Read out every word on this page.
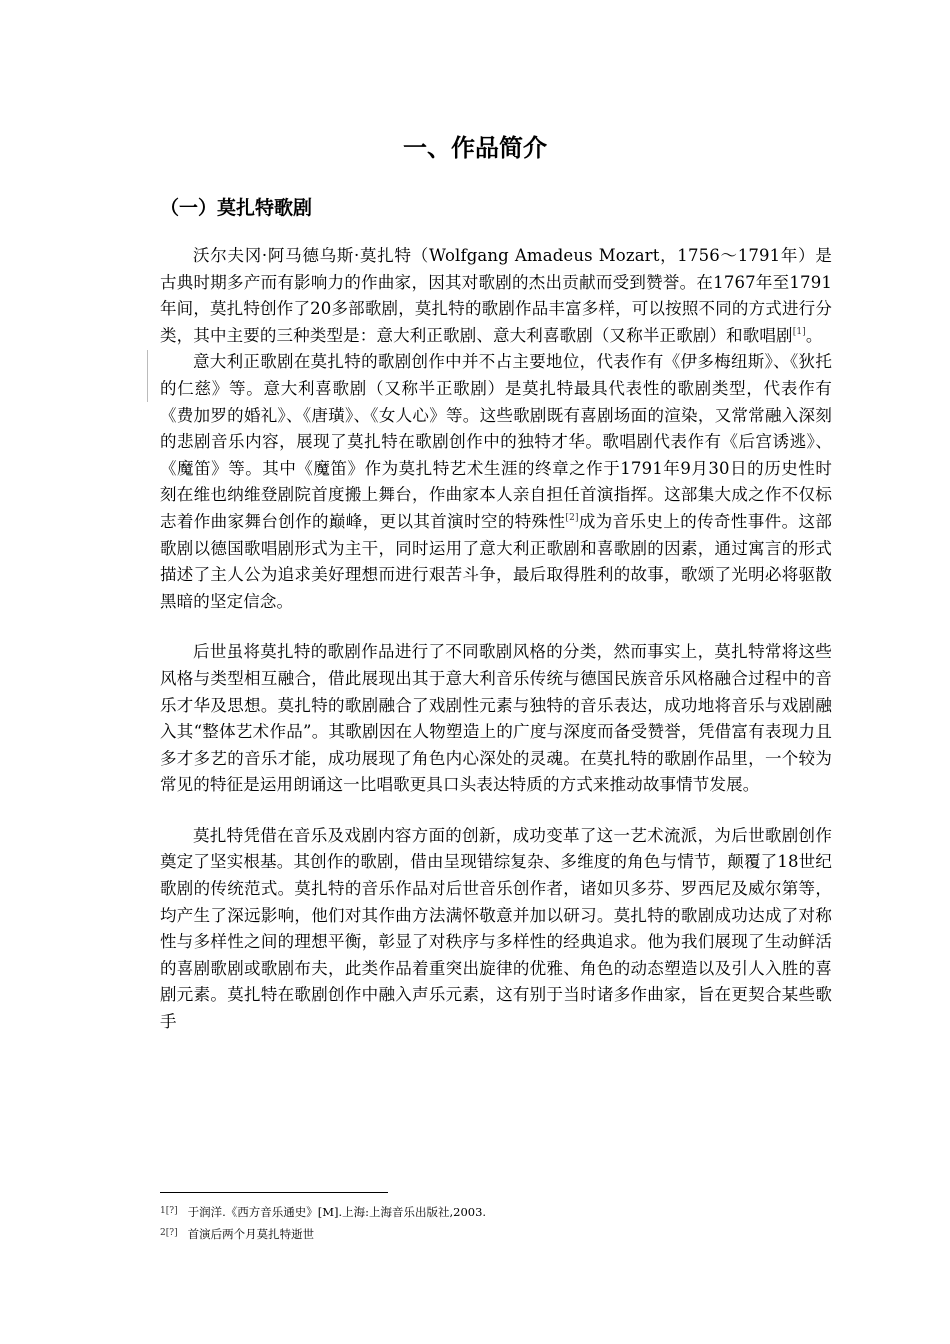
一、作品简介
（一）莫扎特歌剧

沃尔夫冈·阿马德乌斯·莫扎特（Wolfgang Amadeus Mozart，1756～1791年）是古典时期多产而有影响力的作曲家，因其对歌剧的杰出贡献而受到赞誉。在1767年至1791年间，莫扎特创作了20多部歌剧，莫扎特的歌剧作品丰富多样，可以按照不同的方式进行分类，其中主要的三种类型是：意大利正歌剧、意大利喜歌剧（又称半正歌剧）和歌唱剧[1]。

意大利正歌剧在莫扎特的歌剧创作中并不占主要地位，代表作有《伊多梅纽斯》、《狄托的仁慈》等。意大利喜歌剧（又称半正歌剧）是莫扎特最具代表性的歌剧类型，代表作有《费加罗的婚礼》、《唐璜》、《女人心》等。这些歌剧既有喜剧场面的渲染，又常常融入深刻的悲剧音乐内容，展现了莫扎特在歌剧创作中的独特才华。歌唱剧代表作有《后宫诱逃》、《魔笛》等。其中《魔笛》作为莫扎特艺术生涯的终章之作于1791年9月30日的历史性时刻在维也纳维登剧院首度搬上舞台，作曲家本人亲自担任首演指挥。这部集大成之作不仅标志着作曲家舞台创作的巅峰，更以其首演时空的特殊性[2]成为音乐史上的传奇性事件。这部歌剧以德国歌唱剧形式为主干，同时运用了意大利正歌剧和喜歌剧的因素，通过寓言的形式描述了主人公为追求美好理想而进行艰苦斗争，最后取得胜利的故事，歌颂了光明必将驱散黑暗的坚定信念。

后世虽将莫扎特的歌剧作品进行了不同歌剧风格的分类，然而事实上，莫扎特常将这些风格与类型相互融合，借此展现出其于意大利音乐传统与德国民族音乐风格融合过程中的音乐才华及思想。莫扎特的歌剧融合了戏剧性元素与独特的音乐表达，成功地将音乐与戏剧融入其“整体艺术作品”。其歌剧因在人物塑造上的广度与深度而备受赞誉，凭借富有表现力且多才多艺的音乐才能，成功展现了角色内心深处的灵魂。在莫扎特的歌剧作品里，一个较为常见的特征是运用朗诵这一比唱歌更具口头表达特质的方式来推动故事情节发展。

莫扎特凭借在音乐及戏剧内容方面的创新，成功变革了这一艺术流派，为后世歌剧创作奠定了坚实根基。其创作的歌剧，借由呈现错综复杂、多维度的角色与情节，颠覆了18世纪歌剧的传统范式。莫扎特的音乐作品对后世音乐创作者，诸如贝多芬、罗西尼及威尔第等，均产生了深远影响，他们对其作曲方法满怀敬意并加以研习。莫扎特的歌剧成功达成了对称性与多样性之间的理想平衡，彰显了对秩序与多样性的经典追求。他为我们展现了生动鲜活的喜剧歌剧或歌剧布夫，此类作品着重突出旋律的优雅、角色的动态塑造以及引人入胜的喜剧元素。莫扎特在歌剧创作中融入声乐元素，这有别于当时诸多作曲家，旨在更契合某些歌手

$^{1[?]}$ 于润洋.《西方音乐通史》[M].上海:上海音乐出版社,2003.

$^{2[?]}$ 首演后两个月莫扎特逝世
